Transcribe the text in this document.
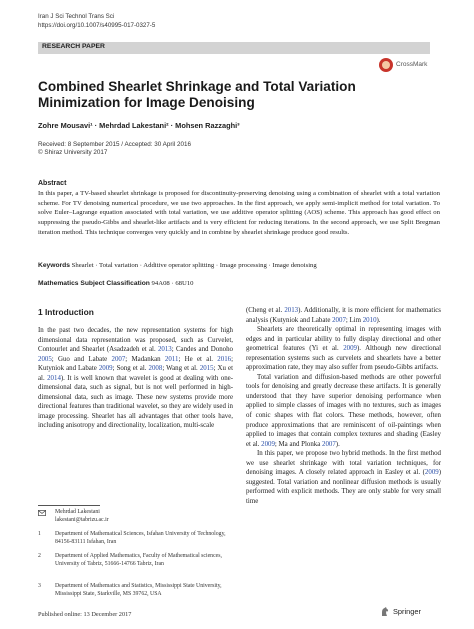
Iran J Sci Technol Trans Sci
https://doi.org/10.1007/s40995-017-0327-5
RESEARCH PAPER
CrossMark
Combined Shearlet Shrinkage and Total Variation Minimization for Image Denoising
Zohre Mousavi¹ · Mehrdad Lakestani² · Mohsen Razzaghi³
Received: 8 September 2015 / Accepted: 30 April 2016
© Shiraz University 2017
Abstract
In this paper, a TV-based shearlet shrinkage is proposed for discontinuity-preserving denoising using a combination of shearlet with a total variation scheme. For TV denoising numerical procedure, we use two approaches. In the first approach, we apply semi-implicit method for total variation. To solve Euler–Lagrange equation associated with total variation, we use additive operator splitting (AOS) scheme. This approach has good effect on suppressing the pseudo-Gibbs and shearlet-like artifacts and is very efficient for reducing iterations. In the second approach, we use Split Bregman iteration method. This technique converges very quickly and in combine by shearlet shrinkage produce good results.
Keywords Shearlet · Total variation · Additive operator splitting · Image processing · Image denoising
Mathematics Subject Classification 94A08 · 68U10
1 Introduction

In the past two decades, the new representation systems for high dimensional data representation was proposed, such as Curvelet, Contourlet and Shearlet (Asadzadeh et al. 2013; Candes and Donoho 2005; Guo and Labate 2007; Madankan 2011; He et al. 2016; Kutyniok and Labate 2009; Song et al. 2008; Wang et al. 2015; Xu et al. 2014). It is well known that wavelet is good at dealing with one-dimensional data, such as signal, but is not well performed in high-dimensional data, such as image. These new systems provide more directional features than traditional wavelet, so they are widely used in image processing. Shearlet has all advantages that other tools have, including anisotropy and directionality, localization, multi-scale

(Cheng et al. 2013). Additionally, it is more efficient for mathematics analysis (Kutyniok and Labate 2007; Lim 2010).

Shearlets are theoretically optimal in representing images with edges and in particular ability to fully display directional and other geometrical features (Yi et al. 2009). Although new directional representation systems such as curvelets and shearlets have a better approximation rate, they may also suffer from pseudo-Gibbs artifacts.

Total variation and diffusion-based methods are other powerful tools for denoising and greatly decrease these artifacts. It is generally understood that they have superior denoising performance when applied to simple classes of images with no textures, such as images of conic shapes with flat colors. These methods, however, often produce approximations that are reminiscent of oil-paintings when applied to images that contain complex textures and shading (Easley et al. 2009; Ma and Plonka 2007).

In this paper, we propose two hybrid methods. In the first method we use shearlet shrinkage with total variation techniques, for denoising images. A closely related approach in Easley et al. (2009) suggested. Total variation and nonlinear diffusion methods is usually performed with explicit methods. They are only stable for very small time

Mehrdad Lakestani
lakestani@tabrizu.ac.ir
1 Department of Mathematical Sciences, Isfahan University of Technology, 84156-83111 Isfahan, Iran
2 Department of Applied Mathematics, Faculty of Mathematical sciences, University of Tabriz, 51666-14766 Tabriz, Iran
3 Department of Mathematics and Statistics, Mississippi State University, Mississippi State, Starkville, MS 39762, USA
Published online: 13 December 2017	Springer
